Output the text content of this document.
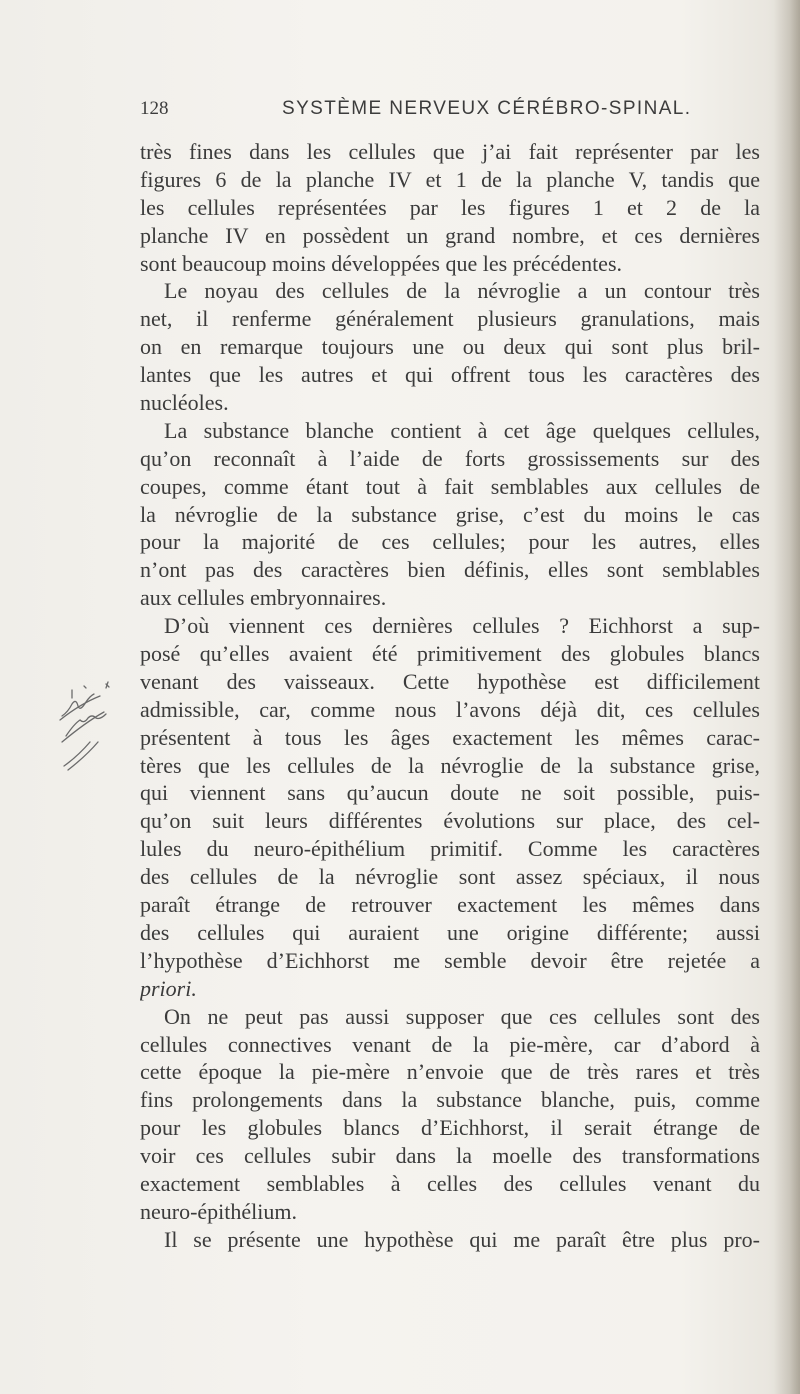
128	SYSTÈME NERVEUX CÉRÉBRO-SPINAL.
très fines dans les cellules que j’ai fait représenter par les
figures 6 de la planche IV et 1 de la planche V, tandis que
les cellules représentées par les figures 1 et 2 de la
planche IV en possèdent un grand nombre, et ces dernières
sont beaucoup moins développées que les précédentes.
Le noyau des cellules de la névroglie a un contour très
net, il renferme généralement plusieurs granulations, mais
on en remarque toujours une ou deux qui sont plus bril-
lantes que les autres et qui offrent tous les caractères des
nucléoles.
La substance blanche contient à cet âge quelques cellules,
qu’on reconnaît à l’aide de forts grossissements sur des
coupes, comme étant tout à fait semblables aux cellules de
la névroglie de la substance grise, c’est du moins le cas
pour la majorité de ces cellules; pour les autres, elles
n’ont pas des caractères bien définis, elles sont semblables
aux cellules embryonnaires.
D’où viennent ces dernières cellules ? Eichhorst a sup-
posé qu’elles avaient été primitivement des globules blancs
venant des vaisseaux. Cette hypothèse est difficilement
admissible, car, comme nous l’avons déjà dit, ces cellules
présentent à tous les âges exactement les mêmes carac-
tères que les cellules de la névroglie de la substance grise,
qui viennent sans qu’aucun doute ne soit possible, puis-
qu’on suit leurs différentes évolutions sur place, des cel-
lules du neuro-épithélium primitif. Comme les caractères
des cellules de la névroglie sont assez spéciaux, il nous
paraît étrange de retrouver exactement les mêmes dans
des cellules qui auraient une origine différente; aussi
l’hypothèse d’Eichhorst me semble devoir être rejetée a
priori.
On ne peut pas aussi supposer que ces cellules sont des
cellules connectives venant de la pie-mère, car d’abord à
cette époque la pie-mère n’envoie que de très rares et très
fins prolongements dans la substance blanche, puis, comme
pour les globules blancs d’Eichhorst, il serait étrange de
voir ces cellules subir dans la moelle des transformations
exactement semblables à celles des cellules venant du
neuro-épithélium.
Il se présente une hypothèse qui me paraît être plus pro-
